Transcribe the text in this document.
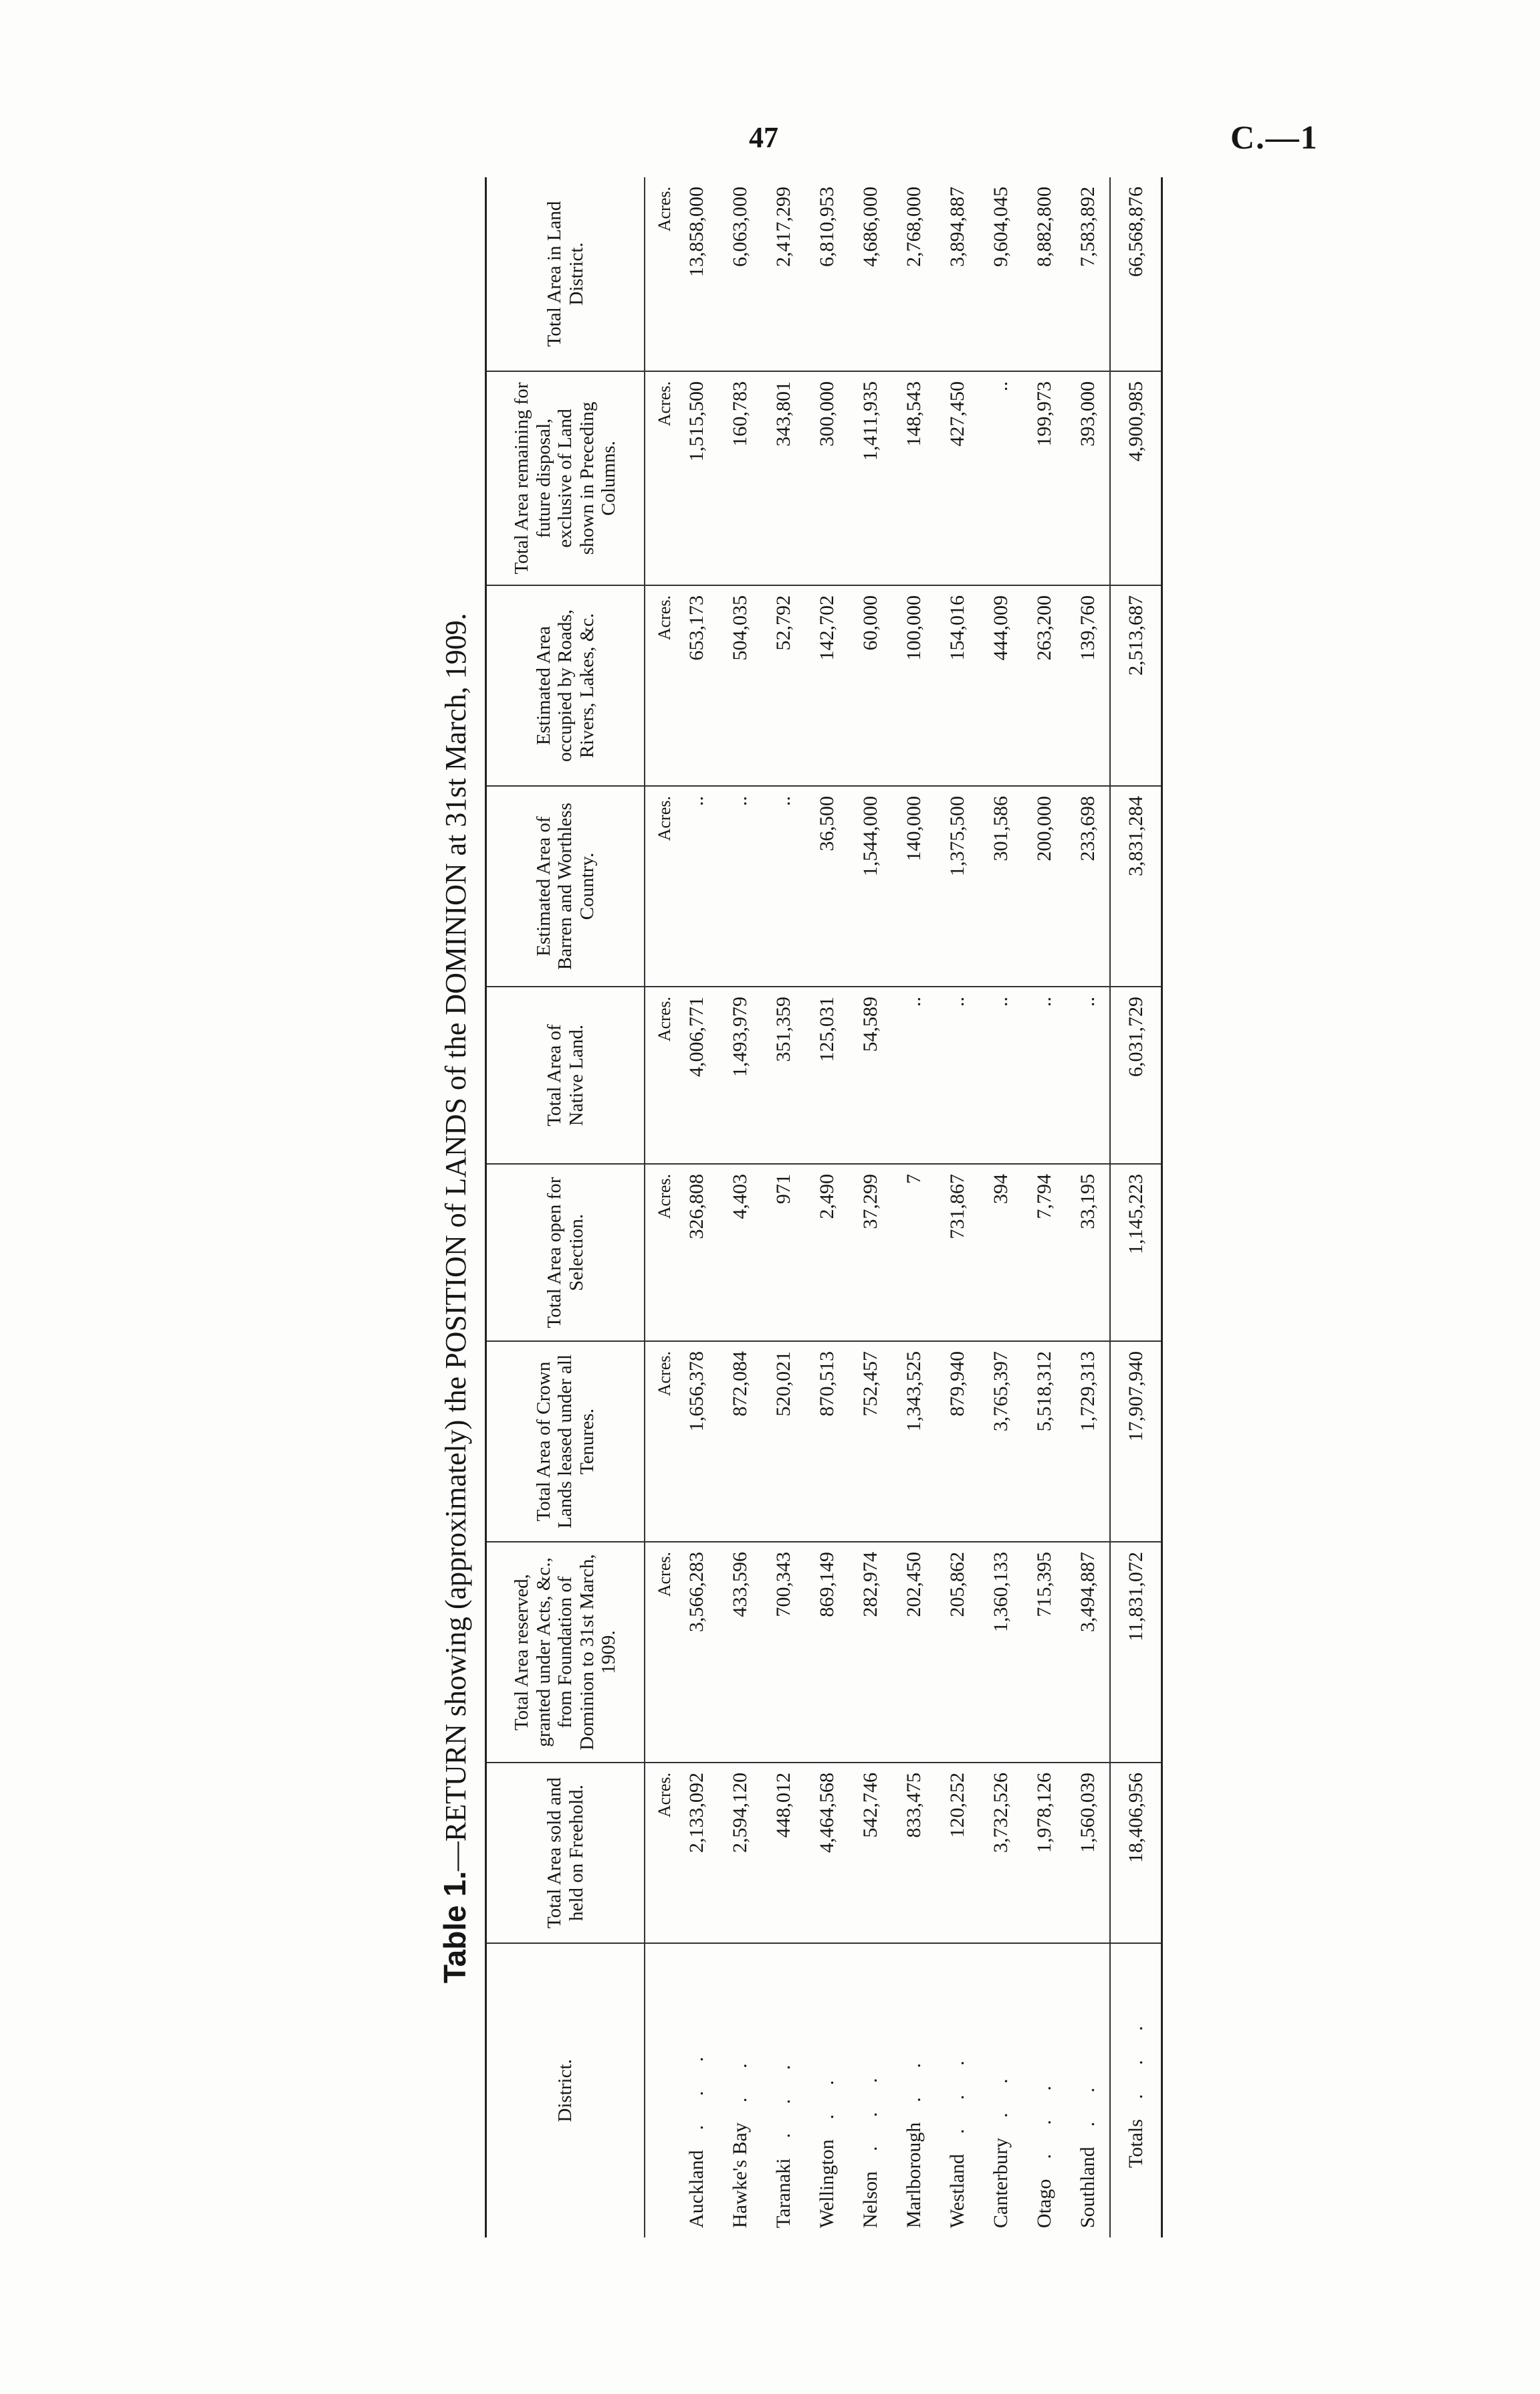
47	C.—1
Table 1.—RETURN showing (approximately) the POSITION of LANDS of the DOMINION at 31st March, 1909.
District.	Total Area sold and held on Freehold.	Total Area reserved, granted under Acts, &c., from Foundation of Dominion to 31st March, 1909.	Total Area of Crown Lands leased under all Tenures.	Total Area open for Selection.	Total Area of Native Land.	Estimated Area of Barren and Worthless Country.	Estimated Area occupied by Roads, Rivers, Lakes, &c.	Total Area remaining for future disposal, exclusive of Land shown in Preceding Columns.	Total Area in Land District.
	Acres.	Acres.	Acres.	Acres.	Acres.	Acres.	Acres.	Acres.	Acres.
Auckland. . .	2,133,092	3,566,283	1,656,378	326,808	4,006,771	..	653,173	1,515,500	13,858,000
Hawke's Bay. .	2,594,120	433,596	872,084	4,403	1,493,979	..	504,035	160,783	6,063,000
Taranaki. . .	448,012	700,343	520,021	971	351,359	..	52,792	343,801	2,417,299
Wellington. .	4,464,568	869,149	870,513	2,490	125,031	36,500	142,702	300,000	6,810,953
Nelson. . .	542,746	282,974	752,457	37,299	54,589	1,544,000	60,000	1,411,935	4,686,000
Marlborough. .	833,475	202,450	1,343,525	7	..	140,000	100,000	148,543	2,768,000
Westland. . .	120,252	205,862	879,940	731,867	..	1,375,500	154,016	427,450	3,894,887
Canterbury. .	3,732,526	1,360,133	3,765,397	394	..	301,586	444,009	..	9,604,045
Otago. . .	1,978,126	715,395	5,518,312	7,794	..	200,000	263,200	199,973	8,882,800
Southland. .	1,560,039	3,494,887	1,729,313	33,195	..	233,698	139,760	393,000	7,583,892
Totals. . .	18,406,956	11,831,072	17,907,940	1,145,223	6,031,729	3,831,284	2,513,687	4,900,985	66,568,876
